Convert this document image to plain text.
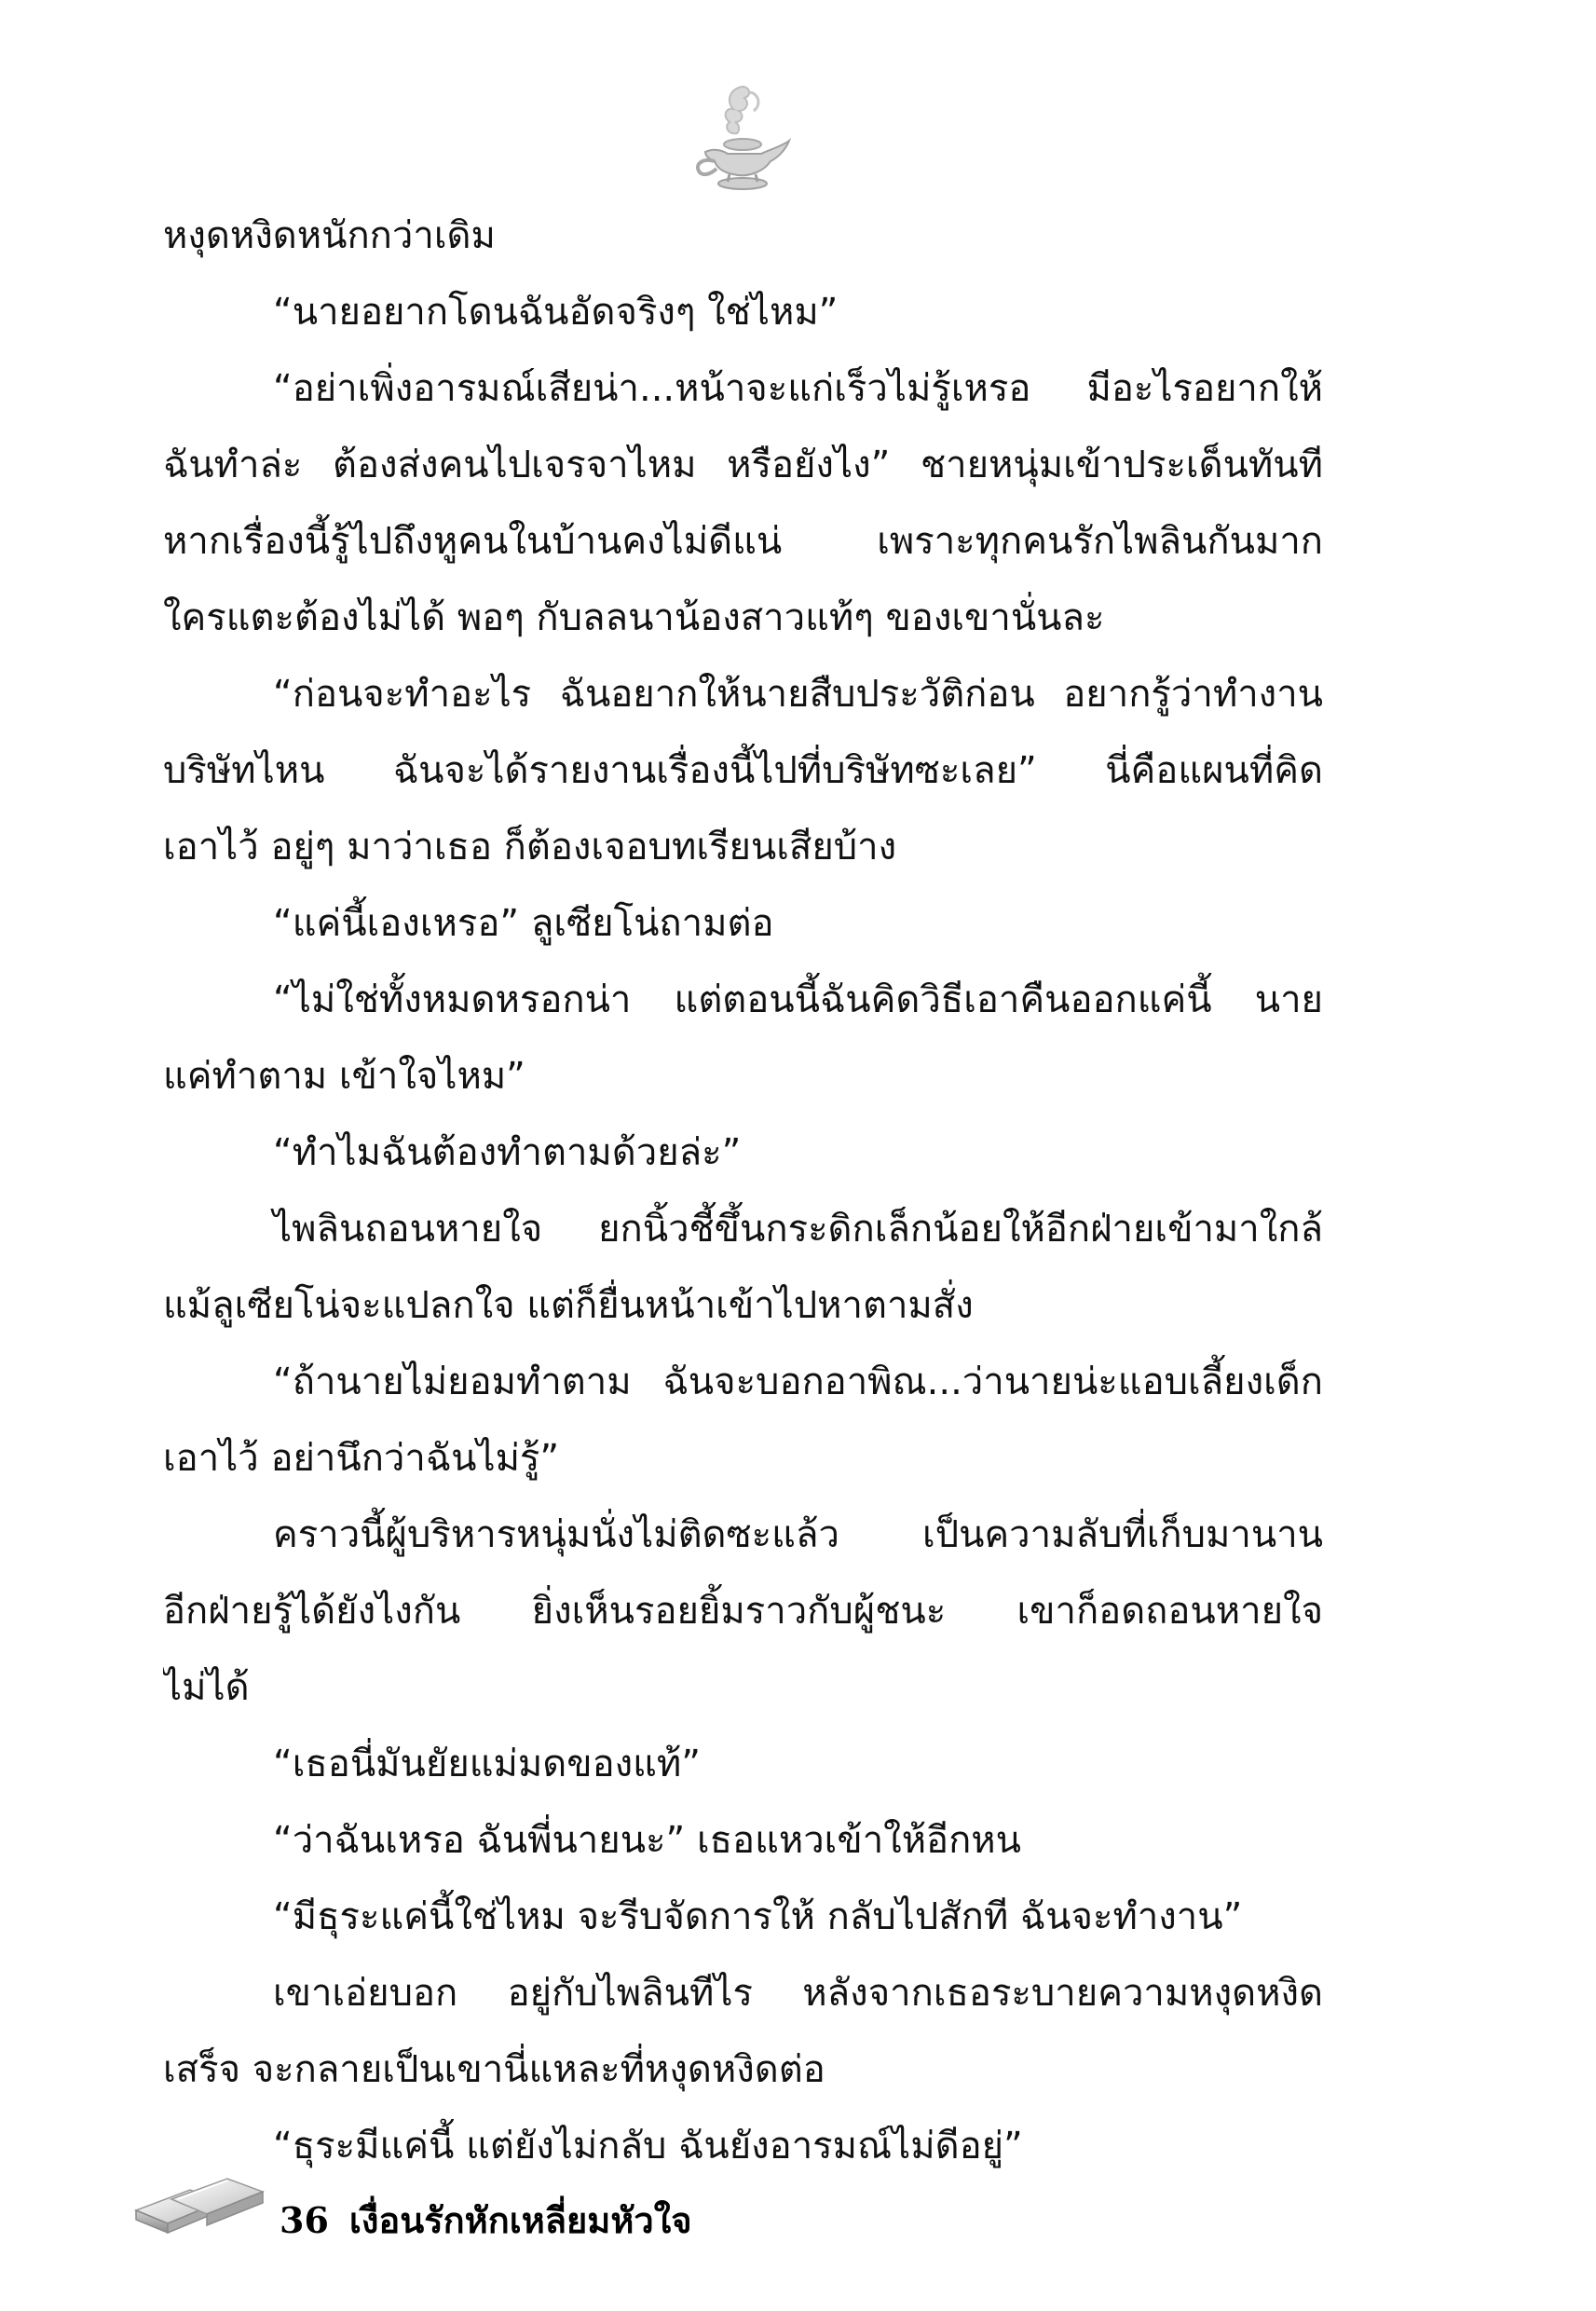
หงุดหงิดหนักกว่าเดิม
“นายอยากโดนฉันอัดจริงๆ ใช่ไหม”
“อย่าเพิ่งอารมณ์เสียน่า...หน้าจะแก่เร็วไม่รู้เหรอ มีอะไรอยากให้
ฉันทำล่ะ ต้องส่งคนไปเจรจาไหม หรือยังไง” ชายหนุ่มเข้าประเด็นทันที
หากเรื่องนี้รู้ไปถึงหูคนในบ้านคงไม่ดีแน่ เพราะทุกคนรักไพลินกันมาก
ใครแตะต้องไม่ได้ พอๆ กับลลนาน้องสาวแท้ๆ ของเขานั่นละ
“ก่อนจะทำอะไร ฉันอยากให้นายสืบประวัติก่อน อยากรู้ว่าทำงาน
บริษัทไหน ฉันจะได้รายงานเรื่องนี้ไปที่บริษัทซะเลย” นี่คือแผนที่คิด
เอาไว้ อยู่ๆ มาว่าเธอ ก็ต้องเจอบทเรียนเสียบ้าง
“แค่นี้เองเหรอ” ลูเซียโน่ถามต่อ
“ไม่ใช่ทั้งหมดหรอกน่า แต่ตอนนี้ฉันคิดวิธีเอาคืนออกแค่นี้ นาย
แค่ทำตาม เข้าใจไหม”
“ทำไมฉันต้องทำตามด้วยล่ะ”
ไพลินถอนหายใจ ยกนิ้วชี้ขึ้นกระดิกเล็กน้อยให้อีกฝ่ายเข้ามาใกล้
แม้ลูเซียโน่จะแปลกใจ แต่ก็ยื่นหน้าเข้าไปหาตามสั่ง
“ถ้านายไม่ยอมทำตาม ฉันจะบอกอาพิณ...ว่านายน่ะแอบเลี้ยงเด็ก
เอาไว้ อย่านึกว่าฉันไม่รู้”
คราวนี้ผู้บริหารหนุ่มนั่งไม่ติดซะแล้ว เป็นความลับที่เก็บมานาน
อีกฝ่ายรู้ได้ยังไงกัน ยิ่งเห็นรอยยิ้มราวกับผู้ชนะ เขาก็อดถอนหายใจ
ไม่ได้
“เธอนี่มันยัยแม่มดของแท้”
“ว่าฉันเหรอ ฉันพี่นายนะ” เธอแหวเข้าให้อีกหน
“มีธุระแค่นี้ใช่ไหม จะรีบจัดการให้ กลับไปสักที ฉันจะทำงาน”
เขาเอ่ยบอก อยู่กับไพลินทีไร หลังจากเธอระบายความหงุดหงิด
เสร็จ จะกลายเป็นเขานี่แหละที่หงุดหงิดต่อ
“ธุระมีแค่นี้ แต่ยังไม่กลับ ฉันยังอารมณ์ไม่ดีอยู่”
36 เงื่อนรักหักเหลี่ยมหัวใจ
